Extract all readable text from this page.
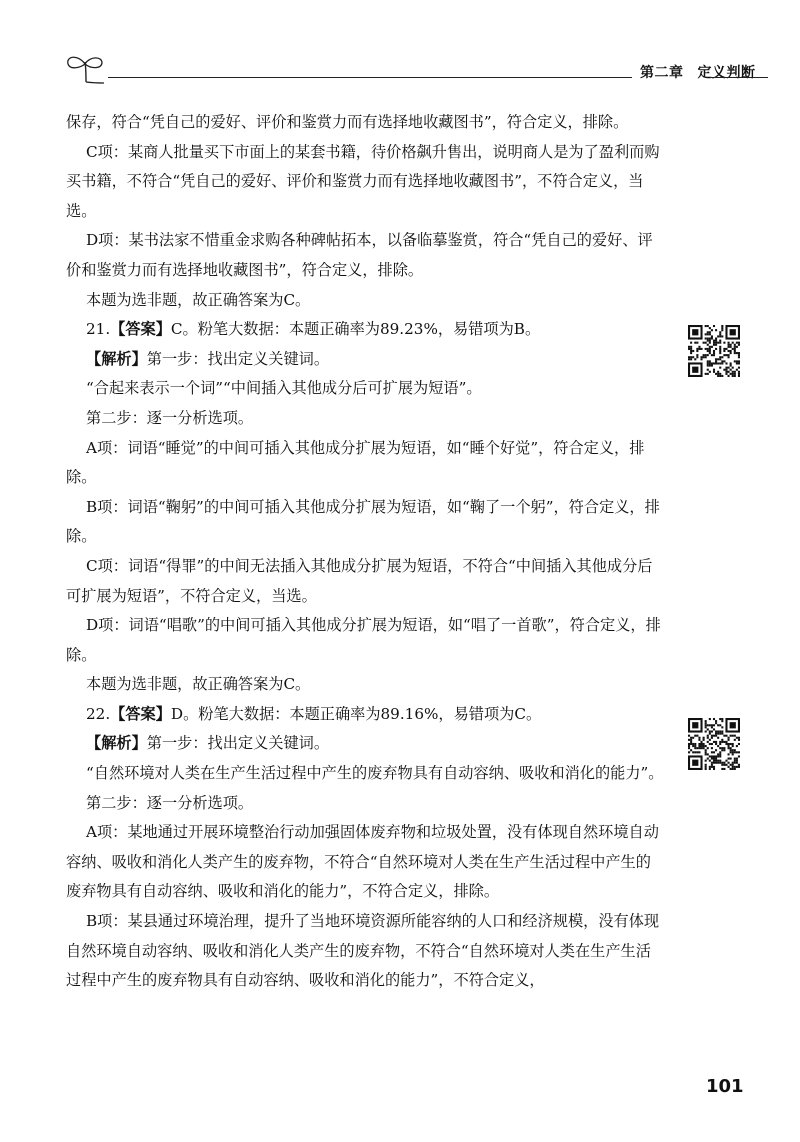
第二章 定义判断

保存，符合“凭自己的爱好、评价和鉴赏力而有选择地收藏图书”，符合定义，排除。

C项：某商人批量买下市面上的某套书籍，待价格飙升售出，说明商人是为了盈利而购买书籍，不符合“凭自己的爱好、评价和鉴赏力而有选择地收藏图书”，不符合定义，当选。

D项：某书法家不惜重金求购各种碑帖拓本，以备临摹鉴赏，符合“凭自己的爱好、评价和鉴赏力而有选择地收藏图书”，符合定义，排除。

本题为选非题，故正确答案为C。

21.【答案】C。粉笔大数据：本题正确率为89.23%，易错项为B。

【解析】第一步：找出定义关键词。

“合起来表示一个词”“中间插入其他成分后可扩展为短语”。

第二步：逐一分析选项。

A项：词语“睡觉”的中间可插入其他成分扩展为短语，如“睡个好觉”，符合定义，排除。

B项：词语“鞠躬”的中间可插入其他成分扩展为短语，如“鞠了一个躬”，符合定义，排除。

C项：词语“得罪”的中间无法插入其他成分扩展为短语，不符合“中间插入其他成分后可扩展为短语”，不符合定义，当选。

D项：词语“唱歌”的中间可插入其他成分扩展为短语，如“唱了一首歌”，符合定义，排除。

本题为选非题，故正确答案为C。

22.【答案】D。粉笔大数据：本题正确率为89.16%，易错项为C。

【解析】第一步：找出定义关键词。

“自然环境对人类在生产生活过程中产生的废弃物具有自动容纳、吸收和消化的能力”。

第二步：逐一分析选项。

A项：某地通过开展环境整治行动加强固体废弃物和垃圾处置，没有体现自然环境自动容纳、吸收和消化人类产生的废弃物，不符合“自然环境对人类在生产生活过程中产生的废弃物具有自动容纳、吸收和消化的能力”，不符合定义，排除。

B项：某县通过环境治理，提升了当地环境资源所能容纳的人口和经济规模，没有体现自然环境自动容纳、吸收和消化人类产生的废弃物，不符合“自然环境对人类在生产生活过程中产生的废弃物具有自动容纳、吸收和消化的能力”，不符合定义，

101
